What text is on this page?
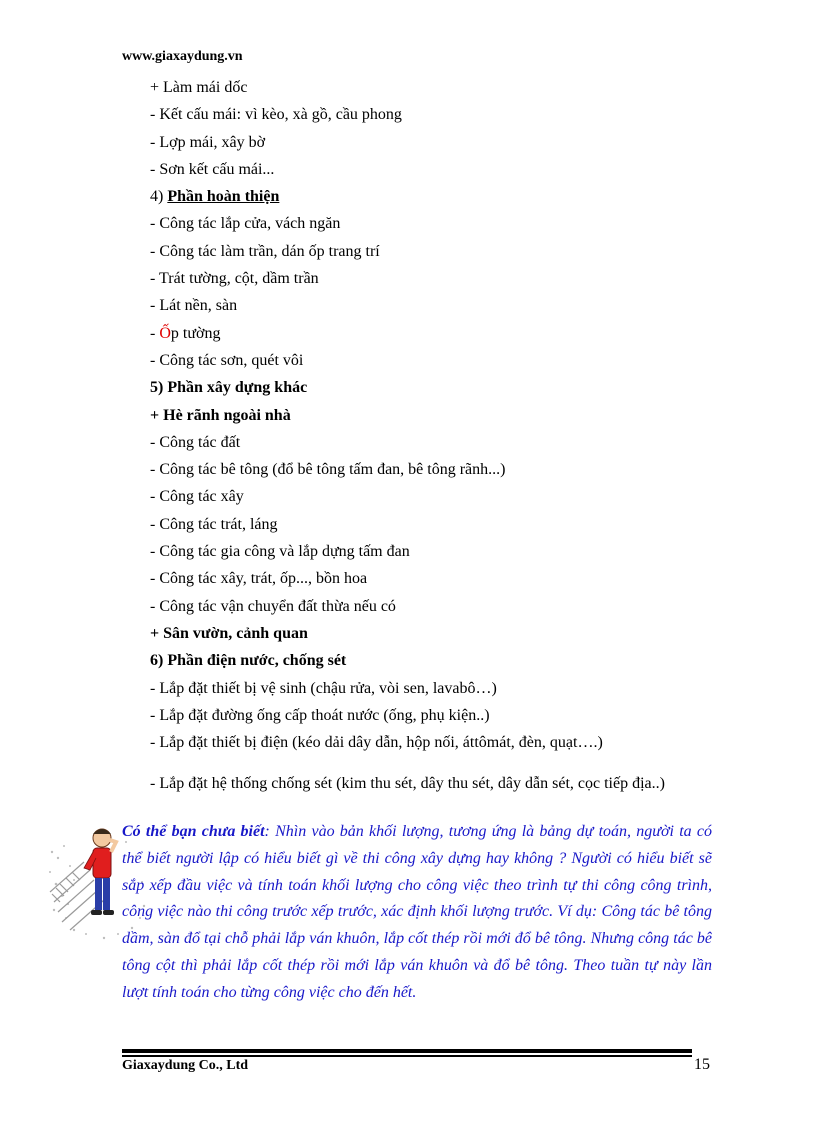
www.giaxaydung.vn
+ Làm mái dốc
- Kết cấu mái: vì kèo, xà gồ, cầu phong
- Lợp mái, xây bờ
- Sơn kết cấu mái...
4) Phần hoàn thiện
- Công tác lắp cửa, vách ngăn
- Công tác làm trần, dán ốp trang trí
- Trát tường, cột, dầm trần
- Lát nền, sàn
- Ốp tường
- Công tác sơn, quét vôi
5) Phần xây dựng khác
+ Hè rãnh ngoài nhà
- Công tác đất
- Công tác bê tông (đổ bê tông tấm đan, bê tông rãnh...)
- Công tác xây
- Công tác trát, láng
- Công tác gia công và lắp dựng tấm đan
- Công tác xây, trát, ốp..., bồn hoa
- Công tác vận chuyển đất thừa nếu có
+ Sân vườn, cảnh quan
6) Phần điện nước, chống sét
- Lắp đặt thiết bị vệ sinh (chậu rửa, vòi sen, lavabô…)
- Lắp đặt đường ống cấp thoát nước (ống, phụ kiện..)
- Lắp đặt thiết bị điện (kéo dải dây dẫn, hộp nối, áttômát, đèn, quạt….)
- Lắp đặt hệ thống chống sét (kim thu sét, dây thu sét, dây dẫn sét, cọc tiếp địa..)
Có thể bạn chưa biết: Nhìn vào bản khối lượng, tương ứng là bảng dự toán, người ta có thể biết người lập có hiểu biết gì về thi công xây dựng hay không ? Người có hiểu biết sẽ sắp xếp đầu việc và tính toán khối lượng cho công việc theo trình tự thi công công trình, công việc nào thi công trước xếp trước, xác định khối lượng trước. Ví dụ: Công tác bê tông dầm, sàn đổ tại chỗ phải lắp ván khuôn, lắp cốt thép rồi mới đổ bê tông. Nhưng công tác bê tông cột thì phải lắp cốt thép rồi mới lắp ván khuôn và đổ bê tông. Theo tuần tự này lần lượt tính toán cho từng công việc cho đến hết.
Giaxaydung Co., Ltd	15
